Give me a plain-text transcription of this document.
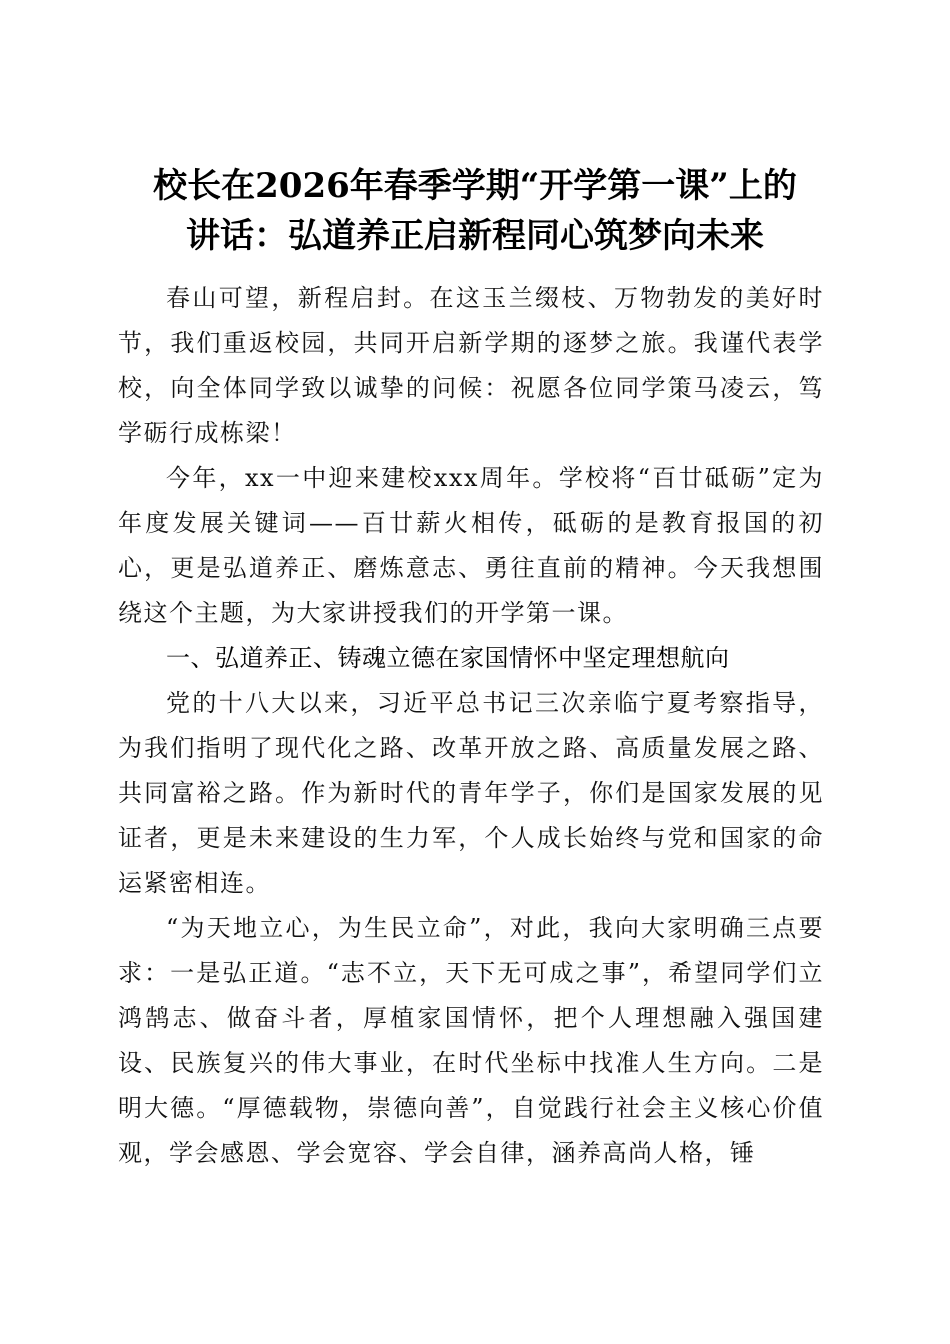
校长在2026年春季学期“开学第一课”上的
讲话：弘道养正启新程同心筑梦向未来

春山可望，新程启封。在这玉兰缀枝、万物勃发的美好时节，我们重返校园，共同开启新学期的逐梦之旅。我谨代表学校，向全体同学致以诚挚的问候：祝愿各位同学策马凌云，笃学砺行成栋梁！

今年，xx一中迎来建校xxx周年。学校将“百廿砥砺”定为年度发展关键词——百廿薪火相传，砥砺的是教育报国的初心，更是弘道养正、磨炼意志、勇往直前的精神。今天我想围绕这个主题，为大家讲授我们的开学第一课。

一、弘道养正、铸魂立德在家国情怀中坚定理想航向

党的十八大以来，习近平总书记三次亲临宁夏考察指导，为我们指明了现代化之路、改革开放之路、高质量发展之路、共同富裕之路。作为新时代的青年学子，你们是国家发展的见证者，更是未来建设的生力军，个人成长始终与党和国家的命运紧密相连。

“为天地立心，为生民立命”，对此，我向大家明确三点要求：一是弘正道。“志不立，天下无可成之事”，希望同学们立鸿鹄志、做奋斗者，厚植家国情怀，把个人理想融入强国建设、民族复兴的伟大事业，在时代坐标中找准人生方向。二是明大德。“厚德载物，崇德向善”，自觉践行社会主义核心价值观，学会感恩、学会宽容、学会自律，涵养高尚人格，锤
